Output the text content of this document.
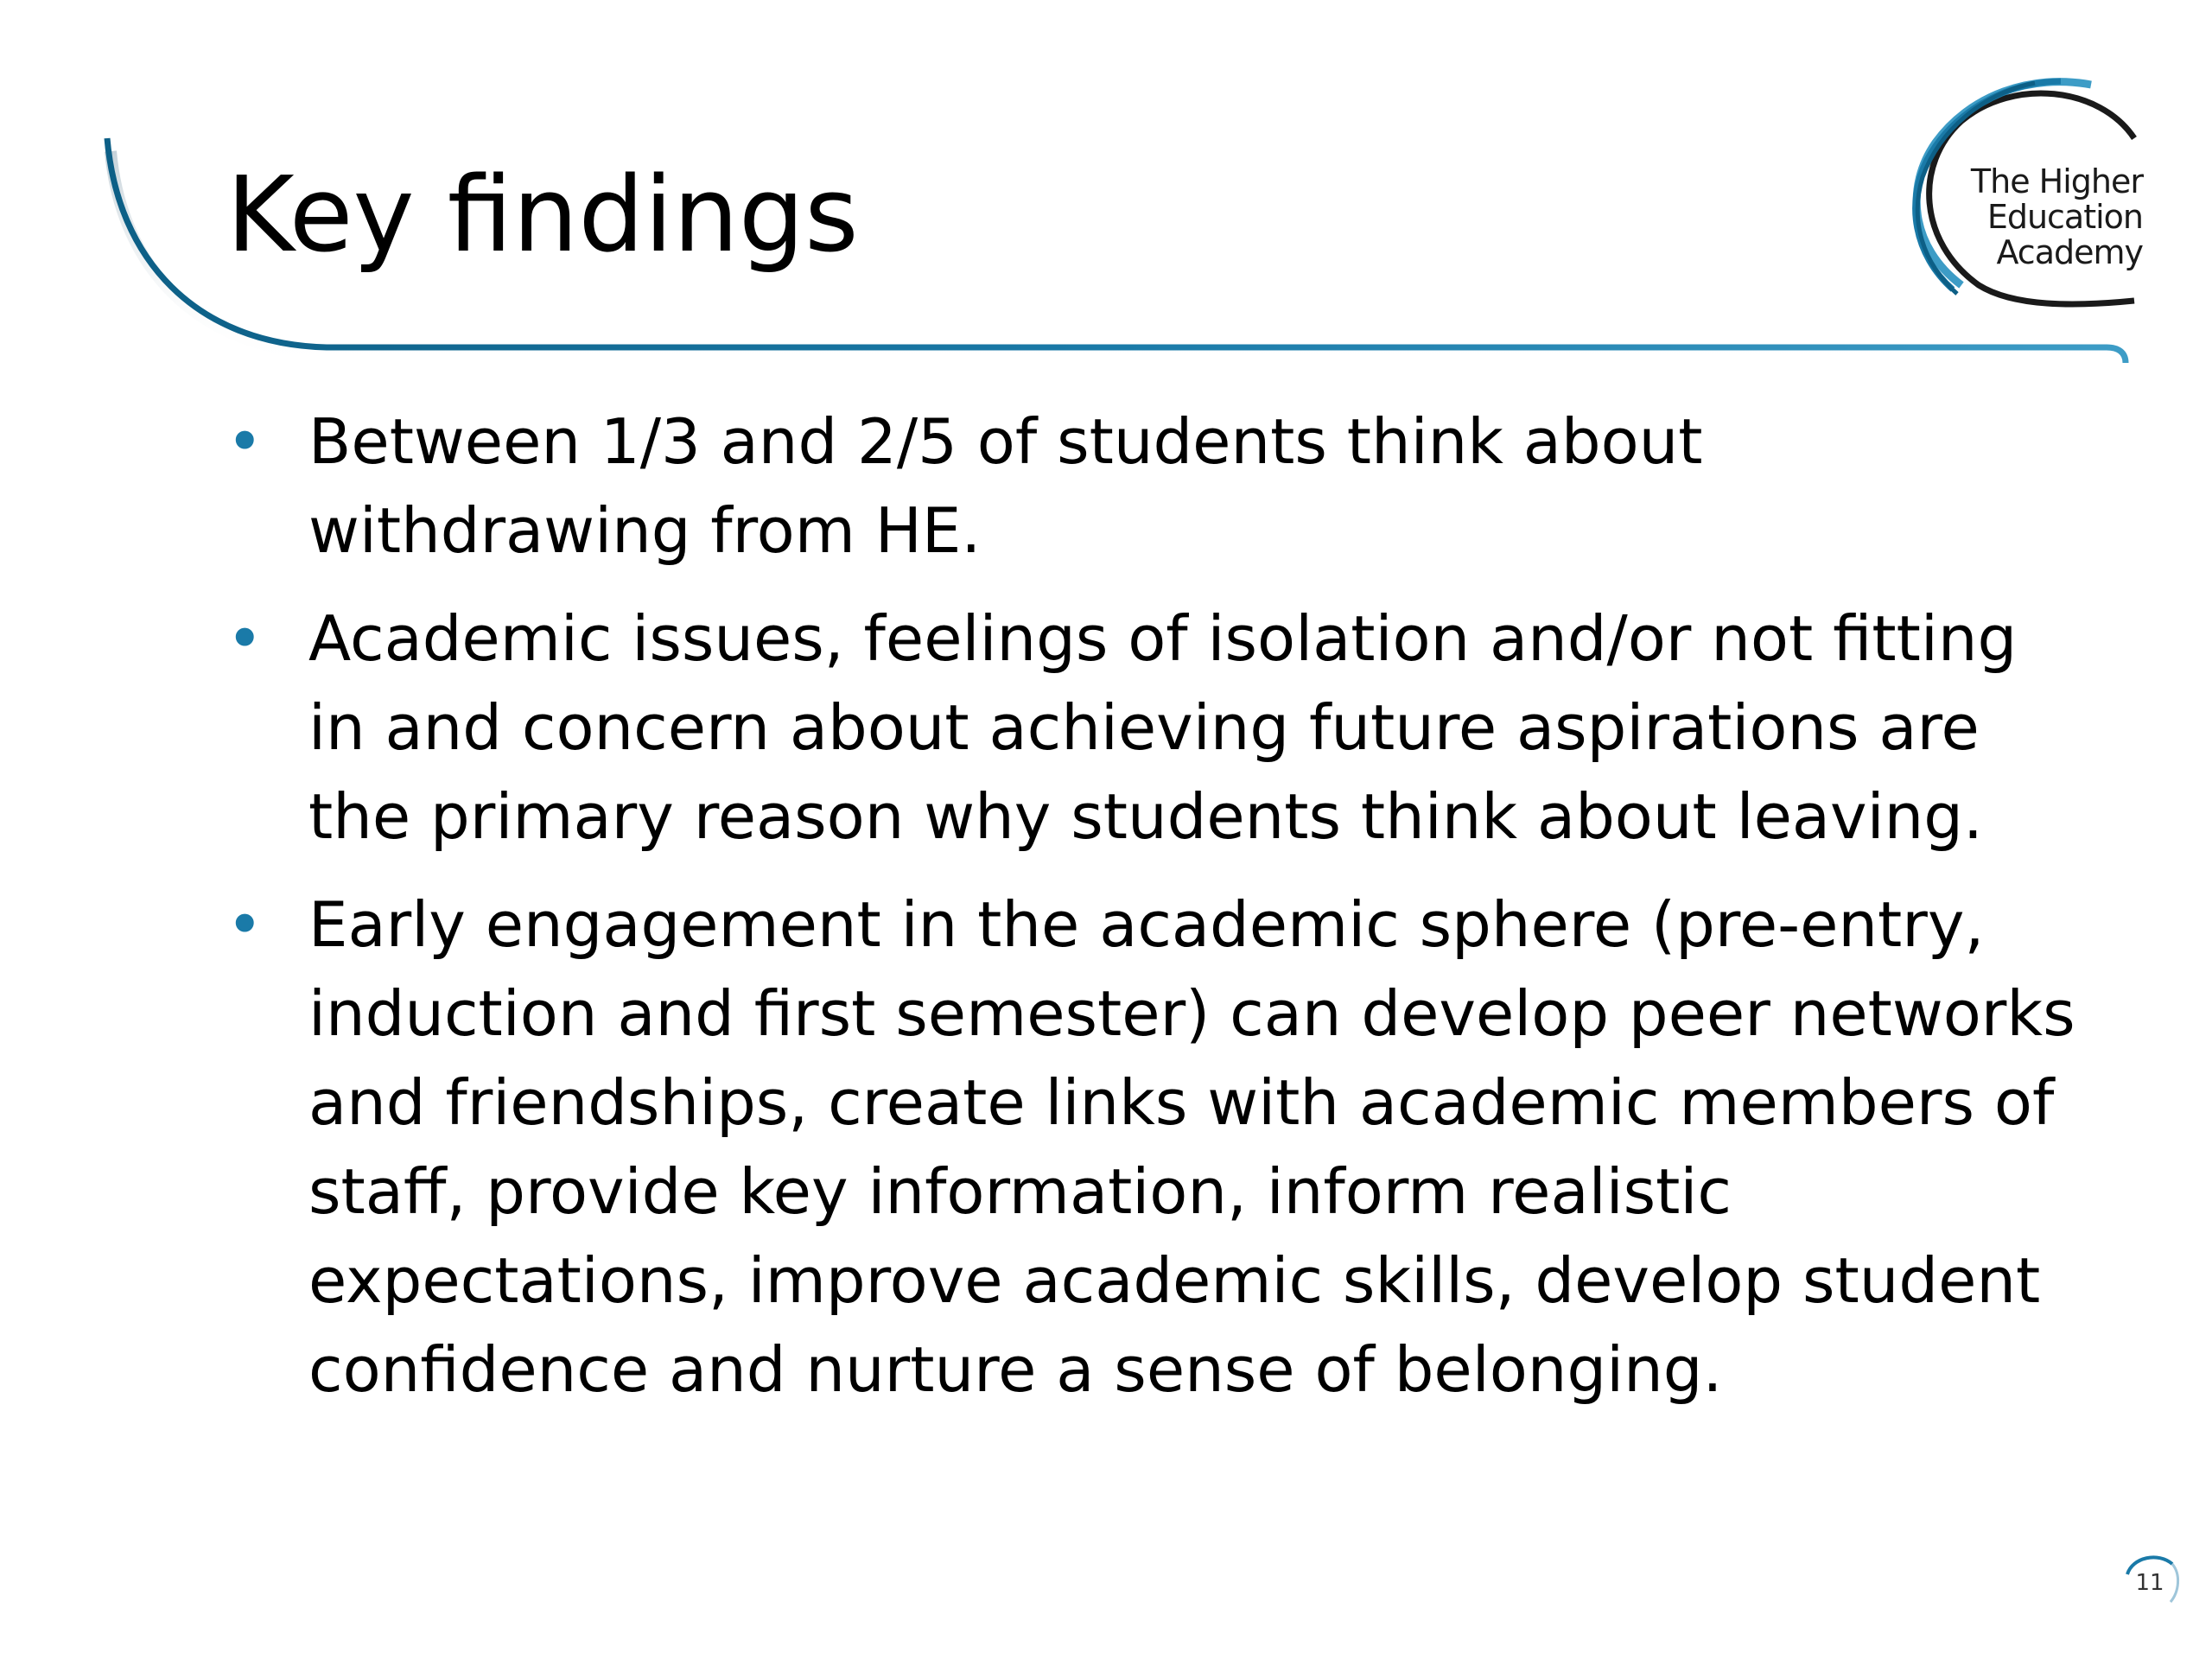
Key findings	The Higher
Education
Academy
• Between 1/3 and 2/5 of students think about withdrawing from HE.
• Academic issues, feelings of isolation and/or not fitting in and concern about achieving future aspirations are the primary reason why students think about leaving.
• Early engagement in the academic sphere (pre-entry, induction and first semester) can develop peer networks and friendships, create links with academic members of staff, provide key information, inform realistic expectations, improve academic skills, develop student confidence and nurture a sense of belonging.
11
